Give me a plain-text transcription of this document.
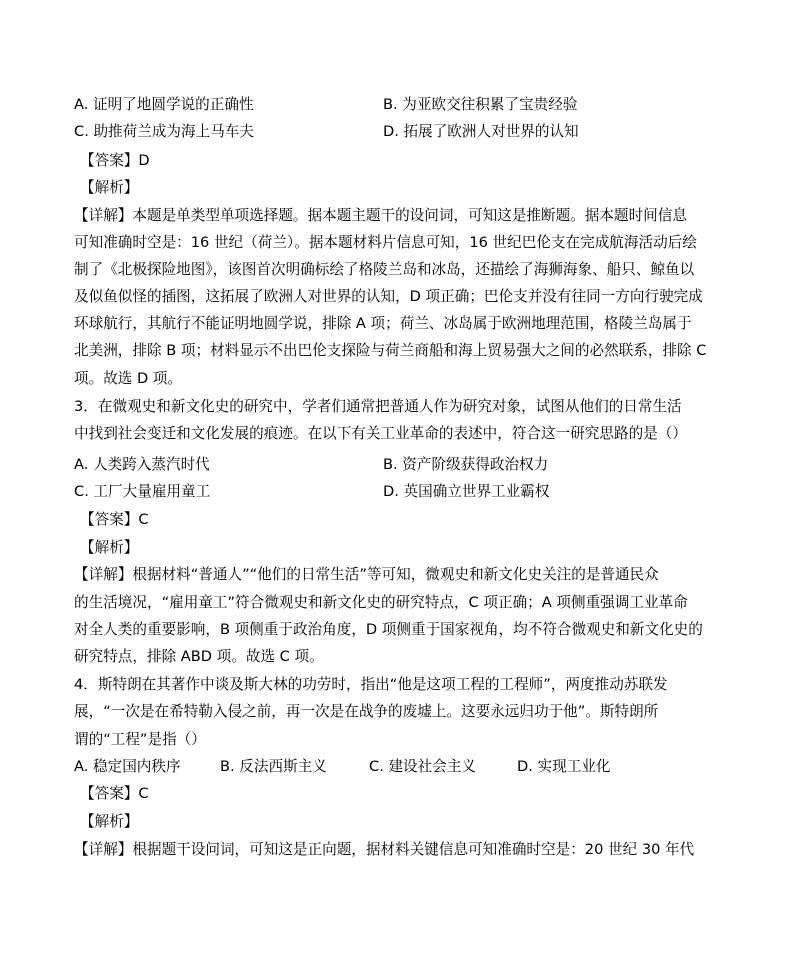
A. 证明了地圆学说的正确性	B. 为亚欧交往积累了宝贵经验
C. 助推荷兰成为海上马车夫	D. 拓展了欧洲人对世界的认知
【答案】D
【解析】
【详解】本题是单类型单项选择题。据本题主题干的设问词，可知这是推断题。据本题时间信息
可知准确时空是：16 世纪（荷兰）。据本题材料片信息可知，16 世纪巴伦支在完成航海活动后绘
制了《北极探险地图》，该图首次明确标绘了格陵兰岛和冰岛，还描绘了海狮海象、船只、鲸鱼以
及似鱼似怪的插图，这拓展了欧洲人对世界的认知，D 项正确；巴伦支并没有往同一方向行驶完成
环球航行，其航行不能证明地圆学说，排除 A 项；荷兰、冰岛属于欧洲地理范围，格陵兰岛属于
北美洲，排除 B 项；材料显示不出巴伦支探险与荷兰商船和海上贸易强大之间的必然联系，排除 C
项。故选 D 项。
3．在微观史和新文化史的研究中，学者们通常把普通人作为研究对象，试图从他们的日常生活
中找到社会变迁和文化发展的痕迹。在以下有关工业革命的表述中，符合这一研究思路的是（）
A. 人类跨入蒸汽时代	B. 资产阶级获得政治权力
C. 工厂大量雇用童工	D. 英国确立世界工业霸权
【答案】C
【解析】
【详解】根据材料“普通人”“他们的日常生活”等可知，微观史和新文化史关注的是普通民众
的生活境况，“雇用童工”符合微观史和新文化史的研究特点，C 项正确；A 项侧重强调工业革命
对全人类的重要影响，B 项侧重于政治角度，D 项侧重于国家视角，均不符合微观史和新文化史的
研究特点，排除 ABD 项。故选 C 项。
4．斯特朗在其著作中谈及斯大林的功劳时，指出“他是这项工程的工程师”，两度推动苏联发
展，“一次是在希特勒入侵之前，再一次是在战争的废墟上。这要永远归功于他”。斯特朗所
谓的“工程”是指（）
A. 稳定国内秩序	B. 反法西斯主义	C. 建设社会主义	D. 实现工业化
【答案】C
【解析】
【详解】根据题干设问词，可知这是正向题，据材料关键信息可知准确时空是：20 世纪 30 年代
